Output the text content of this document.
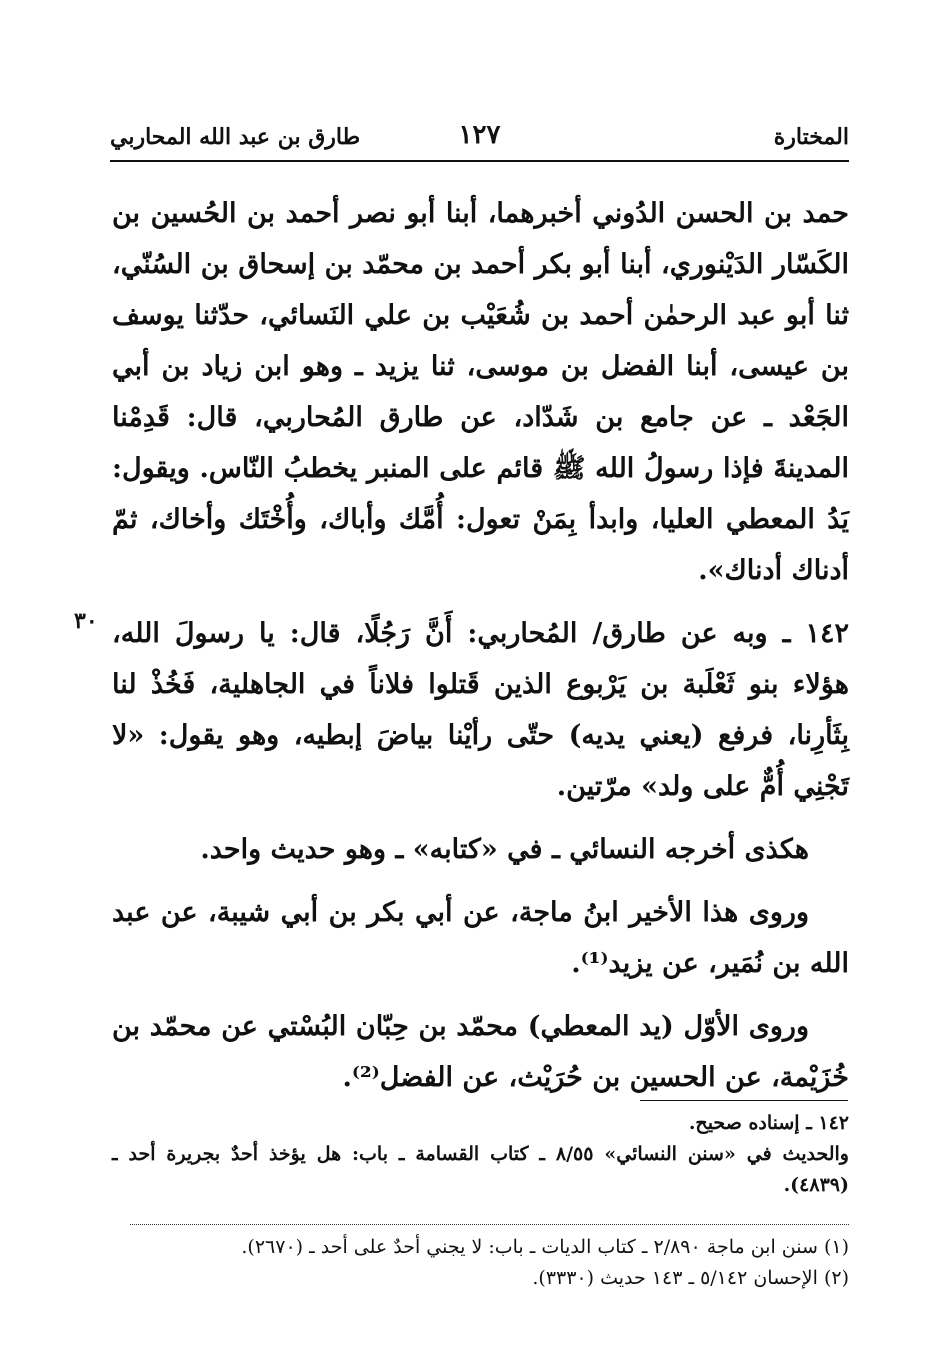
المختارة
١٢٧
طارق بن عبد الله المحاربي
٣٠

حمد بن الحسن الدُوني أخبرهما، أبنا أبو نصر أحمد بن الحُسين بن الكَسّار الدَيْنوري، أبنا أبو بكر أحمد بن محمّد بن إسحاق بن السُنّي، ثنا أبو عبد الرحمٰن أحمد بن شُعَيْب بن علي النَسائي، حدّثنا يوسف بن عيسى، أبنا الفضل بن موسى، ثنا يزيد ـ وهو ابن زياد بن أبي الجَعْد ـ عن جامع بن شَدّاد، عن طارق المُحاربي، قال: قَدِمْنا المدينةَ فإذا رسولُ الله ﷺ قائم على المنبر يخطبُ النّاس. ويقول: يَدُ المعطي العليا، وابدأ بِمَنْ تعول: أُمَّك وأباك، وأُخْتَك وأخاك، ثمّ أدناك أدناك».

١٤٢ ـ وبه عن طارق/ المُحاربي: أَنَّ رَجُلًا، قال: يا رسولَ الله، هؤلاء بنو ثَعْلَبة بن يَرْبوع الذين قَتلوا فلاناً في الجاهلية، فَخُذْ لنا بِثَأرِنا، فرفع (يعني يديه) حتّى رأيْنا بياضَ إبطيه، وهو يقول: «لا تَجْنِي أُمٌّ على ولد» مرّتين.

هكذى أخرجه النسائي ـ في «كتابه» ـ وهو حديث واحد.

وروى هذا الأخير ابنُ ماجة، عن أبي بكر بن أبي شيبة، عن عبد الله بن نُمَير، عن يزيد⁽¹⁾.

وروى الأوّل (يد المعطي) محمّد بن حِبّان البُسْتي عن محمّد بن خُزَيْمة، عن الحسين بن حُرَيْث، عن الفضل⁽²⁾.

١٤٢ ـ إسناده صحيح.

والحديث في «سنن النسائي» ٨/٥٥ ـ كتاب القسامة ـ باب: هل يؤخذ أحدٌ بجريرة أحد ـ (٤٨٣٩).

(١) سنن ابن ماجة ٢/٨٩٠ ـ كتاب الديات ـ باب: لا يجني أحدٌ على أحد ـ (٢٦٧٠).

(٢) الإحسان ٥/١٤٢ ـ ١٤٣ حديث (٣٣٣٠).
